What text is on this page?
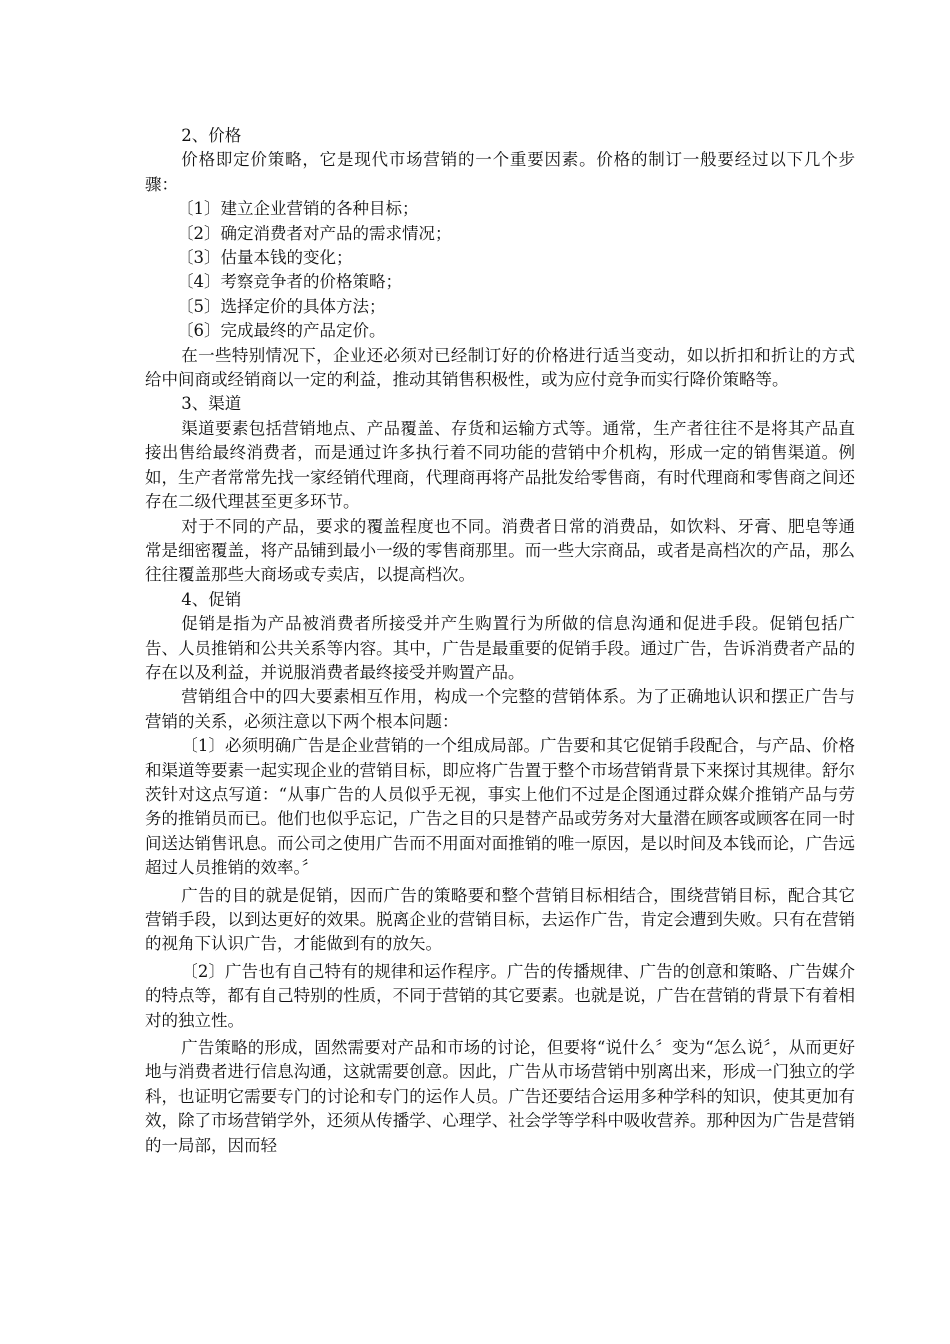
2、价格

价格即定价策略，它是现代市场营销的一个重要因素。价格的制订一般要经过以下几个步骤：

〔1〕建立企业营销的各种目标；

〔2〕确定消费者对产品的需求情况；

〔3〕估量本钱的变化；

〔4〕考察竞争者的价格策略；

〔5〕选择定价的具体方法；

〔6〕完成最终的产品定价。

在一些特别情况下，企业还必须对已经制订好的价格进行适当变动，如以折扣和折让的方式给中间商或经销商以一定的利益，推动其销售积极性，或为应付竞争而实行降价策略等。

3、渠道

渠道要素包括营销地点、产品覆盖、存货和运输方式等。通常，生产者往往不是将其产品直接出售给最终消费者，而是通过许多执行着不同功能的营销中介机构，形成一定的销售渠道。例如，生产者常常先找一家经销代理商，代理商再将产品批发给零售商，有时代理商和零售商之间还存在二级代理甚至更多环节。

对于不同的产品，要求的覆盖程度也不同。消费者日常的消费品，如饮料、牙膏、肥皂等通常是细密覆盖，将产品铺到最小一级的零售商那里。而一些大宗商品，或者是高档次的产品，那么往往覆盖那些大商场或专卖店，以提高档次。

4、促销

促销是指为产品被消费者所接受并产生购置行为所做的信息沟通和促进手段。促销包括广告、人员推销和公共关系等内容。其中，广告是最重要的促销手段。通过广告，告诉消费者产品的存在以及利益，并说服消费者最终接受并购置产品。

营销组合中的四大要素相互作用，构成一个完整的营销体系。为了正确地认识和摆正广告与营销的关系，必须注意以下两个根本问题：

〔1〕必须明确广告是企业营销的一个组成局部。广告要和其它促销手段配合，与产品、价格和渠道等要素一起实现企业的营销目标，即应将广告置于整个市场营销背景下来探讨其规律。舒尔茨针对这点写道：“从事广告的人员似乎无视，事实上他们不过是企图通过群众媒介推销产品与劳务的推销员而已。他们也似乎忘记，广告之目的只是替产品或劳务对大量潜在顾客或顾客在同一时间送达销售讯息。而公司之使用广告而不用面对面推销的唯一原因，是以时间及本钱而论，广告远超过人员推销的效率。〞

广告的目的就是促销，因而广告的策略要和整个营销目标相结合，围绕营销目标，配合其它营销手段，以到达更好的效果。脱离企业的营销目标，去运作广告，肯定会遭到失败。只有在营销的视角下认识广告，才能做到有的放矢。

〔2〕广告也有自己特有的规律和运作程序。广告的传播规律、广告的创意和策略、广告媒介的特点等，都有自己特别的性质，不同于营销的其它要素。也就是说，广告在营销的背景下有着相对的独立性。

广告策略的形成，固然需要对产品和市场的讨论，但要将“说什么〞变为“怎么说〞，从而更好地与消费者进行信息沟通，这就需要创意。因此，广告从市场营销中别离出来，形成一门独立的学科，也证明它需要专门的讨论和专门的运作人员。广告还要结合运用多种学科的知识，使其更加有效，除了市场营销学外，还须从传播学、心理学、社会学等学科中吸收营养。那种因为广告是营销的一局部，因而轻
